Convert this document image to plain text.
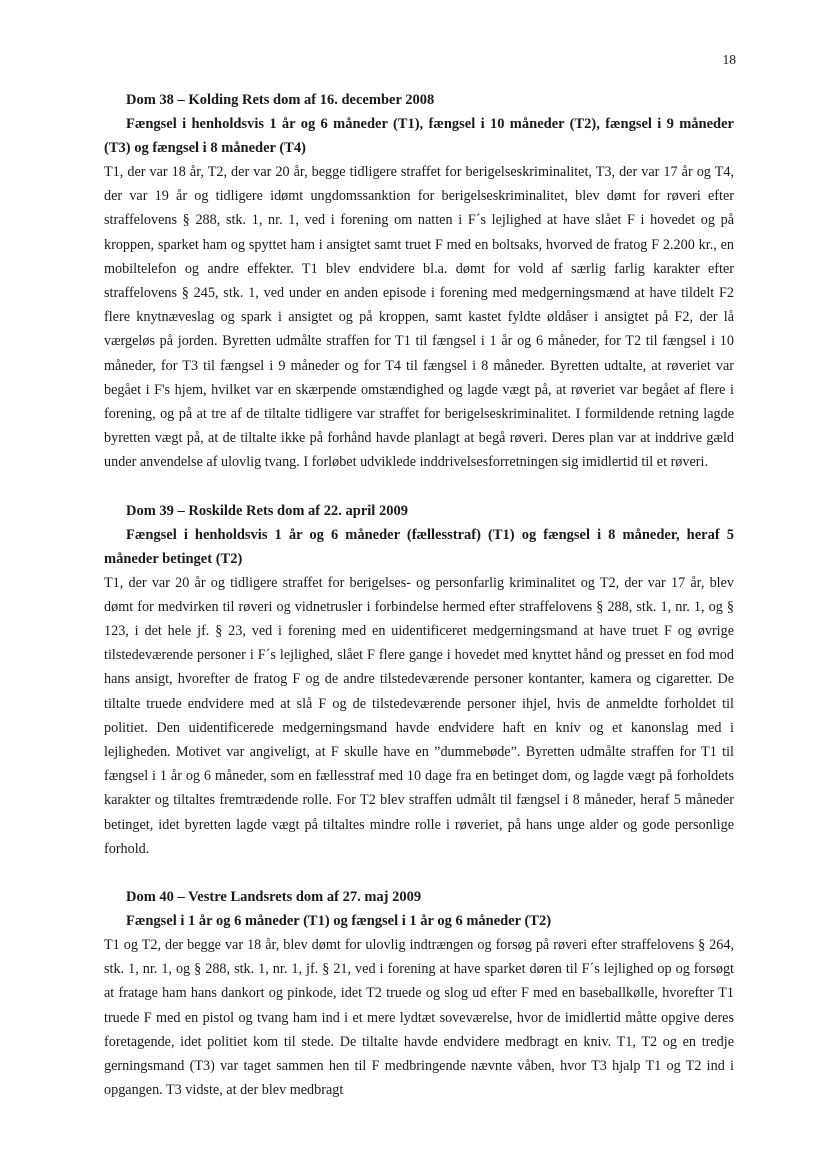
18

Dom 38 – Kolding Rets dom af 16. december 2008

Fængsel i henholdsvis 1 år og 6 måneder (T1), fængsel i 10 måneder (T2), fængsel i 9 måneder (T3) og fængsel i 8 måneder (T4)

T1, der var 18 år, T2, der var 20 år, begge tidligere straffet for berigelseskriminalitet, T3, der var 17 år og T4, der var 19 år og tidligere idømt ungdomssanktion for berigelseskriminalitet, blev dømt for røveri efter straffelovens § 288, stk. 1, nr. 1, ved i forening om natten i F´s lejlighed at have slået F i hovedet og på kroppen, sparket ham og spyttet ham i ansigtet samt truet F med en boltsaks, hvorved de fratog F 2.200 kr., en mobiltelefon og andre effekter. T1 blev endvidere bl.a. dømt for vold af særlig farlig karakter efter straffelovens § 245, stk. 1, ved under en anden episode i forening med medgerningsmænd at have tildelt F2 flere knytnæveslag og spark i ansigtet og på kroppen, samt kastet fyldte øldåser i ansigtet på F2, der lå værgeløs på jorden. Byretten udmålte straffen for T1 til fængsel i 1 år og 6 måneder, for T2 til fængsel i 10 måneder, for T3 til fængsel i 9 måneder og for T4 til fængsel i 8 måneder. Byretten udtalte, at røveriet var begået i F's hjem, hvilket var en skærpende omstændighed og lagde vægt på, at røveriet var begået af flere i forening, og på at tre af de tiltalte tidligere var straffet for berigelseskriminalitet. I formildende retning lagde byretten vægt på, at de tiltalte ikke på forhånd havde planlagt at begå røveri. Deres plan var at inddrive gæld under anvendelse af ulovlig tvang. I forløbet udviklede inddrivelsesforretningen sig imidlertid til et røveri.

Dom 39 – Roskilde Rets dom af 22. april 2009

Fængsel i henholdsvis 1 år og 6 måneder (fællesstraf) (T1) og fængsel i 8 måneder, heraf 5 måneder betinget (T2)

T1, der var 20 år og tidligere straffet for berigelses- og personfarlig kriminalitet og T2, der var 17 år, blev dømt for medvirken til røveri og vidnetrusler i forbindelse hermed efter straffelovens § 288, stk. 1, nr. 1, og § 123, i det hele jf. § 23, ved i forening med en uidentificeret medgerningsmand at have truet F og øvrige tilstedeværende personer i F´s lejlighed, slået F flere gange i hovedet med knyttet hånd og presset en fod mod hans ansigt, hvorefter de fratog F og de andre tilstedeværende personer kontanter, kamera og cigaretter. De tiltalte truede endvidere med at slå F og de tilstedeværende personer ihjel, hvis de anmeldte forholdet til politiet. Den uidentificerede medgerningsmand havde endvidere haft en kniv og et kanonslag med i lejligheden. Motivet var angiveligt, at F skulle have en ”dummebøde”. Byretten udmålte straffen for T1 til fængsel i 1 år og 6 måneder, som en fællesstraf med 10 dage fra en betinget dom, og lagde vægt på forholdets karakter og tiltaltes fremtrædende rolle. For T2 blev straffen udmålt til fængsel i 8 måneder, heraf 5 måneder betinget, idet byretten lagde vægt på tiltaltes mindre rolle i røveriet, på hans unge alder og gode personlige forhold.

Dom 40 – Vestre Landsrets dom af 27. maj 2009

Fængsel i 1 år og 6 måneder (T1) og fængsel i 1 år og 6 måneder (T2)

T1 og T2, der begge var 18 år, blev dømt for ulovlig indtrængen og forsøg på røveri efter straffelovens § 264, stk. 1, nr. 1, og § 288, stk. 1, nr. 1, jf. § 21, ved i forening at have sparket døren til F´s lejlighed op og forsøgt at fratage ham hans dankort og pinkode, idet T2 truede og slog ud efter F med en baseballkølle, hvorefter T1 truede F med en pistol og tvang ham ind i et mere lydtæt soveværelse, hvor de imidlertid måtte opgive deres foretagende, idet politiet kom til stede. De tiltalte havde endvidere medbragt en kniv. T1, T2 og en tredje gerningsmand (T3) var taget sammen hen til F medbringende nævnte våben, hvor T3 hjalp T1 og T2 ind i opgangen. T3 vidste, at der blev medbragt
